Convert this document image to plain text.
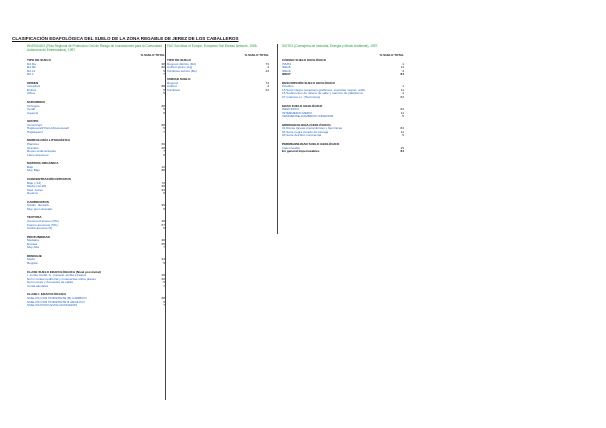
CLASIFICACIÓN EDAFOLÓGICA DEL SUELO DE LA ZONA REGABLE DE JEREZ DE LOS CABALLEROS
INVENCAEX (Plan Regional de Protección Civil de Riesgo de Inundaciones para la Comunidad Autónoma de Extremadura), 1997.
% SUELO TOTAL
TIPO DE SUELO
RA Ra	28
RA Rb	60
RA 11	5
RA 1	7
ORDEN
Inceptisol	88
Entisol	5
Alfisol	5
SUBORDEN
Ochrepts	88
Xeralf	5
Aquents	5
GRUPO
Xerochrept	88
Haploxeralf/ Palo Micarocexalf	5
Haplaquent	7
MORFOLOGÍA LITOGRÁFICA
Planicies	60
Granitos	28
Rocas sedimentarias	7
Llano aluviones	5
MATERIA ORGÁNICA
Bajo	12
Muy Bajo	88
CONCENTRACIÓN NITRATOS
Bajo (<12)	72
Medio (12-20)	28
Mod. Activo	93
Neutros	5
CARBONATOS
Totalm. descarb.	95
Muy poco descarb.	5
TEXTURA
Arenoso-franceso (5%)	28
Franco arenosos (5%)	67
Arcillo-arenoso (5)	5
PROFUNDIDAD
Mediana	28
Escasa	65
Muy Alta	7
DRENAJE
Medio	93
Regular	5
CLASE SUELO EDAFOLÓGGICA (Nivel provincial)
I. zonita medtil. G. (mineral, arcilla a bastos	28
Norm zonita mediforral y conexeritas sobre planes	60
Norm rosas y Xerosoles de sallas	5
zonita aluviales	7
CLASE I. EDAFOLÓGGICA
SUELOS CON HORIZONTE (B) CAMBICO	88
SUELOS CON HORIZONTE B ARGILICO	5
SUELOS POCO EVOLUCIONADOS	7
FAO Soil Atlas of Europe, European Soil Bureau Network, 1998.
% SUELO TOTAL
TIPO DE SUELO
Regosol districo (Rd)	73
Anthrol gleico (Ag)	4
Cambisol eutrico (Be)	23
UNIDAD SUELO
Regosol	73
Anthrol	4
Cambisol	23
SIXTEX (Consejería de Industria, Energía y Medio Ambiente), 1997.
% SUELO TOTAL
CÓDIGO SUELO GEOLÓGICO
ISSH4	1
IDE15	11
IDE16	4
IDE07	84
DESCRIPCIÓN SUELO GEOLÓGICO
Ortolitos	1
15 Serie Negra (esquistos grafitosos, cuarcitas negras, anfib.	11
16 Sedimentos de relleno de valle y marinos de plataforma	4
07 Granitos s.l. (Hercínicos)	84
EDAD SUELO GEOLÓGICO
HERCÍNICO	84
INTERMEDIO MEDIO	11
VENDIENSE-CAMBRICO INFERIOR	5
HIDROGEOLOGÍA (GEOLÓGICO)
01 Rocas ígneas precámbricas y hercínicas	84
04 Serie negra (Grado de Azuaga	11
06 Serie detrítico continental	5
PERMEABILIDAD SUELO GEOLÓGICO
Impermeable	15
En general Impermeables	84
